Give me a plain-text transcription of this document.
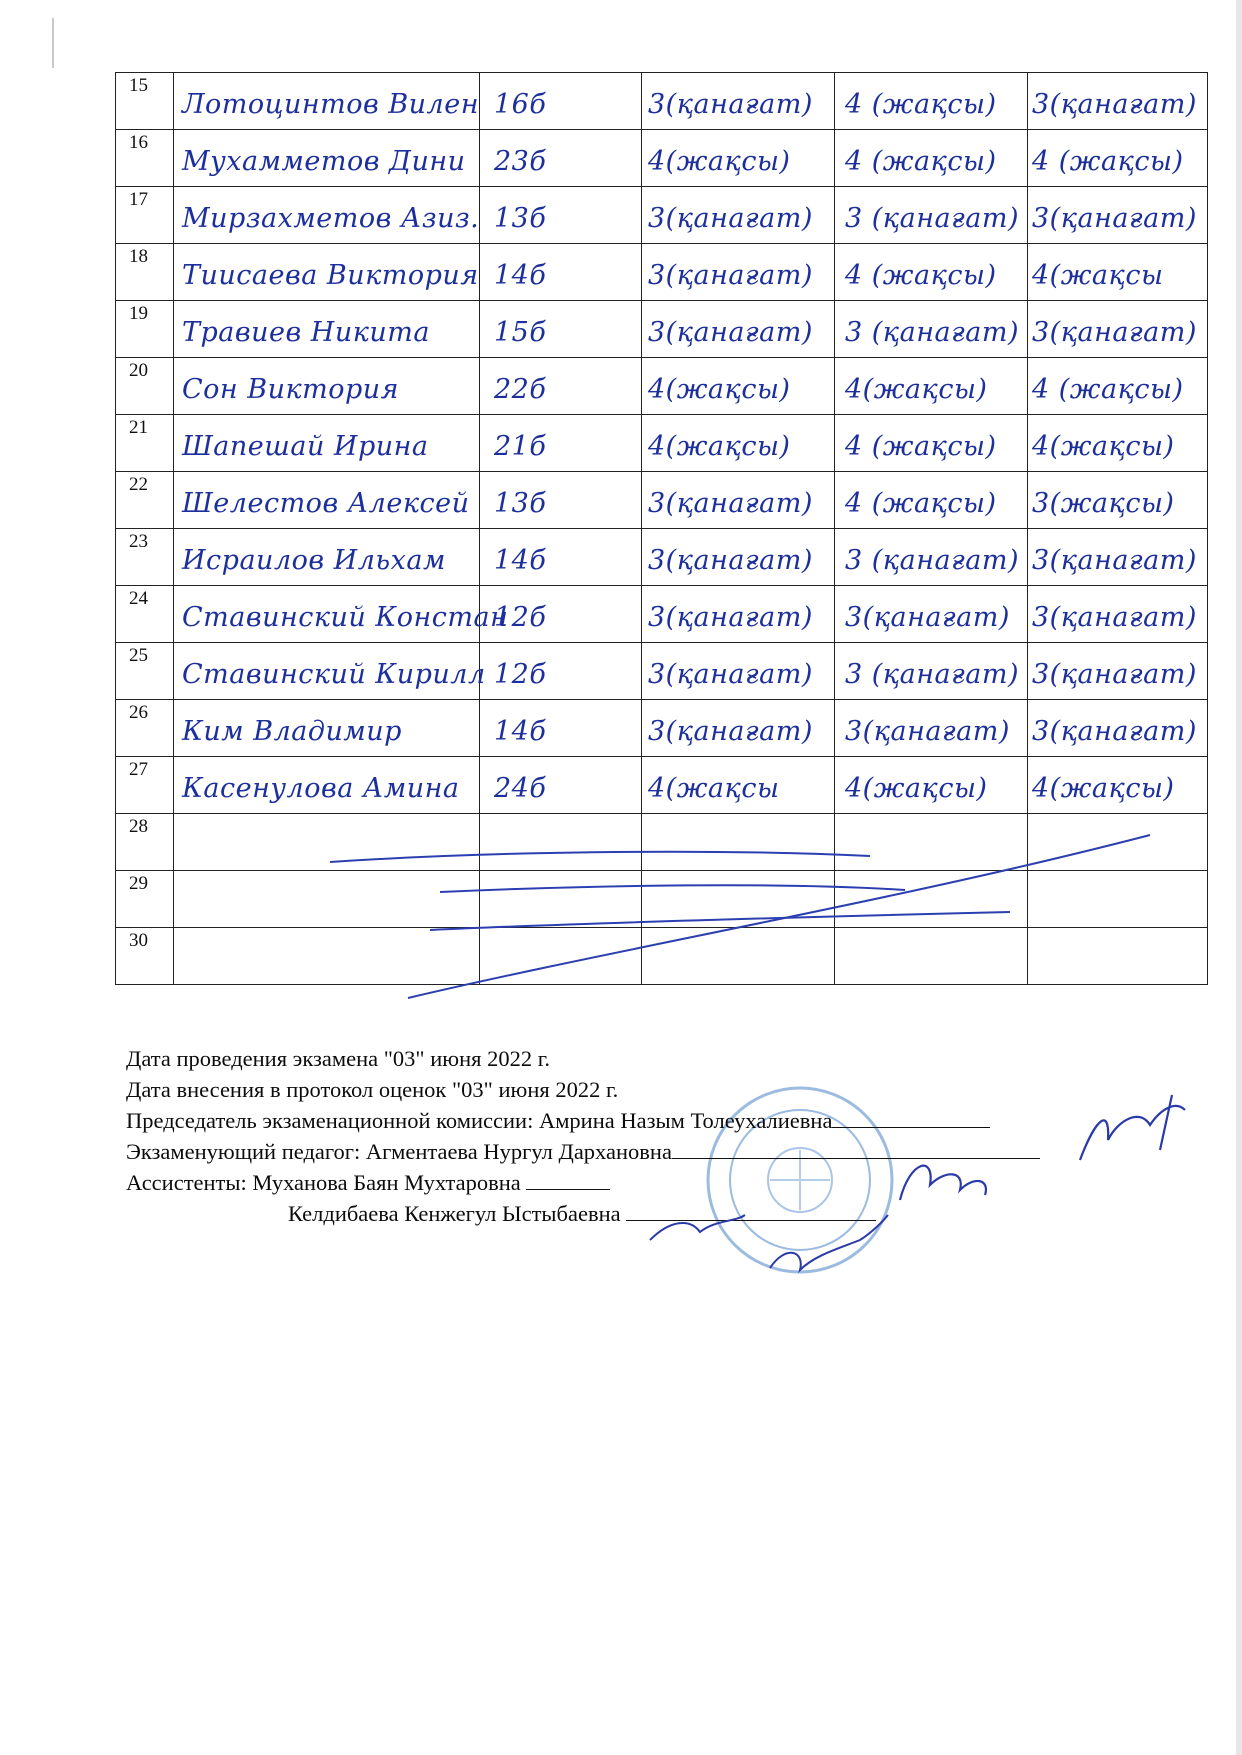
15	Лотоцинтов Вилен	16б	3(қанағат)	4 (жақсы)	3(қанағат)

16	Мухамметов Дини	23б	4(жақсы)	4 (жақсы)	4 (жақсы)

17	Мирзахметов Азиз.	13б	3(қанағат)	3 (қанағат)	3(қанағат)

18	Тиисаева Виктория	14б	3(қанағат)	4 (жақсы)	4(жақсы

19	Травиев Никита	15б	3(қанағат)	3 (қанағат)	3(қанағат)

20	Сон Виктория	22б	4(жақсы)	4(жақсы)	4 (жақсы)

21	Шапешай Ирина	21б	4(жақсы)	4 (жақсы)	4(жақсы)

22	Шелестов Алексей	13б	3(қанағат)	4 (жақсы)	3(жақсы)

23	Исраилов Ильхам	14б	3(қанағат)	3 (қанағат)	3(қанағат)

24	Ставинский Констан	12б	3(қанағат)	3(қанағат)	3(қанағат)

25	Ставинский Кирилл	12б	3(қанағат)	3 (қанағат)	3(қанағат)

26	Ким Владимир	14б	3(қанағат)	3(қанағат)	3(қанағат)

27	Касенулова Амина	24б	4(жақсы	4(жақсы)	4(жақсы)

28					

29					

30					

Дата проведения экзамена "03" июня 2022 г.
Дата внесения в протокол оценок "03" июня 2022 г.
Председатель экзаменационной комиссии: Амрина Назым Толеухалиевна
Экзаменующий педагог: Агментаева Нургул Дархановна
Ассистенты: Муханова Баян Мухтаровна
Келдибаева Кенжегул Ыстыбаевна
